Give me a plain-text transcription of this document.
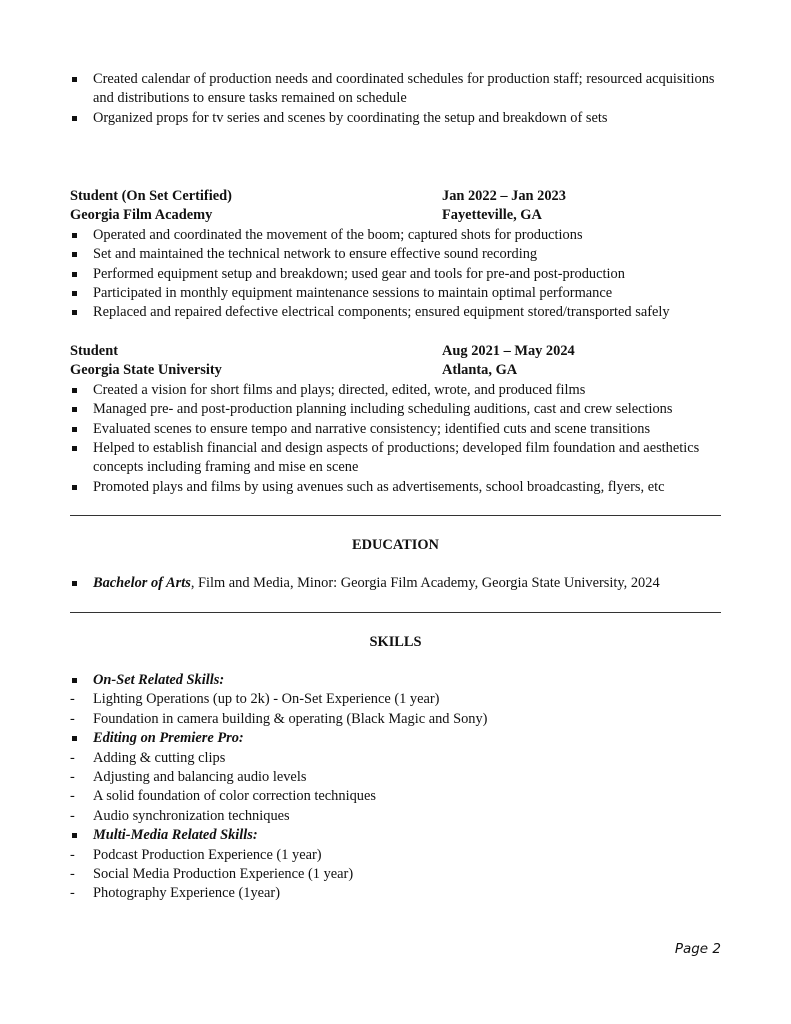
Created calendar of production needs and coordinated schedules for production staff; resourced acquisitions and distributions to ensure tasks remained on schedule
Organized props for tv series and scenes by coordinating the setup and breakdown of sets
Student (On Set Certified)	Jan 2022 – Jan 2023
Georgia Film Academy	Fayetteville, GA
Operated and coordinated the movement of the boom; captured shots for productions
Set and maintained the technical network to ensure effective sound recording
Performed equipment setup and breakdown; used gear and tools for pre-and post-production
Participated in monthly equipment maintenance sessions to maintain optimal performance
Replaced and repaired defective electrical components; ensured equipment stored/transported safely
Student	Aug 2021 – May 2024
Georgia State University	Atlanta, GA
Created a vision for short films and plays; directed, edited, wrote, and produced films
Managed pre- and post-production planning including scheduling auditions, cast and crew selections
Evaluated scenes to ensure tempo and narrative consistency; identified cuts and scene transitions
Helped to establish financial and design aspects of productions; developed film foundation and aesthetics concepts including framing and mise en scene
Promoted plays and films by using avenues such as advertisements, school broadcasting, flyers, etc
EDUCATION
Bachelor of Arts, Film and Media, Minor: Georgia Film Academy, Georgia State University, 2024
SKILLS
On-Set Related Skills:
- Lighting Operations (up to 2k) - On-Set Experience (1 year)
- Foundation in camera building & operating (Black Magic and Sony)
Editing on Premiere Pro:
- Adding & cutting clips
- Adjusting and balancing audio levels
- A solid foundation of color correction techniques
- Audio synchronization techniques
Multi-Media Related Skills:
- Podcast Production Experience (1 year)
- Social Media Production Experience (1 year)
- Photography Experience (1year)
Page 2
